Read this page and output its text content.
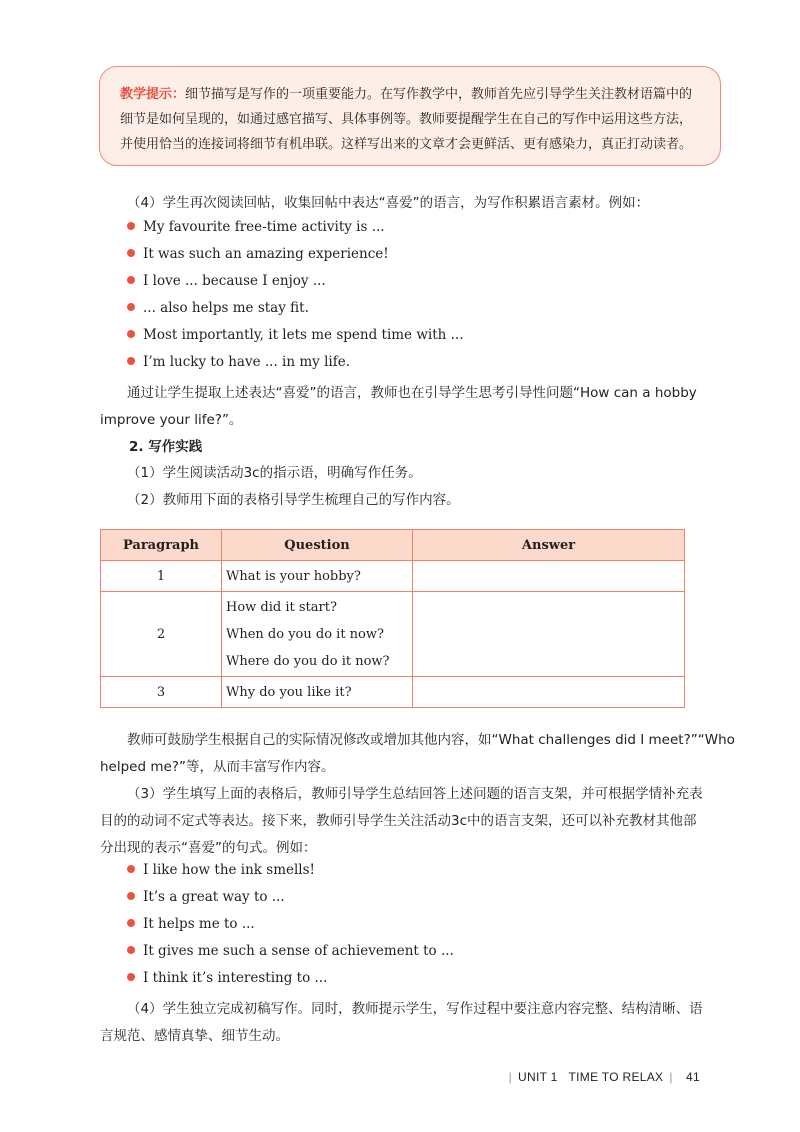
教学提示：细节描写是写作的一项重要能力。在写作教学中，教师首先应引导学生关注教材语篇中的
细节是如何呈现的，如通过感官描写、具体事例等。教师要提醒学生在自己的写作中运用这些方法，
并使用恰当的连接词将细节有机串联。这样写出来的文章才会更鲜活、更有感染力，真正打动读者。
（4）学生再次阅读回帖，收集回帖中表达“喜爱”的语言，为写作积累语言素材。例如：
My favourite free-time activity is ...
It was such an amazing experience!
I love ... because I enjoy ...
... also helps me stay fit.
Most importantly, it lets me spend time with ...
I’m lucky to have ... in my life.
通过让学生提取上述表达“喜爱”的语言，教师也在引导学生思考引导性问题“How can a hobby
improve your life?”。
2. 写作实践
（1）学生阅读活动3c的指示语，明确写作任务。
（2）教师用下面的表格引导学生梳理自己的写作内容。
Paragraph	Question	Answer
1	What is your hobby?	

2	How did it start?
When do you do it now?
Where do you do it now?	

3	Why do you like it?	

教师可鼓励学生根据自己的实际情况修改或增加其他内容，如“What challenges did I meet?”“Who
helped me?”等，从而丰富写作内容。
（3）学生填写上面的表格后，教师引导学生总结回答上述问题的语言支架，并可根据学情补充表
目的的动词不定式等表达。接下来，教师引导学生关注活动3c中的语言支架，还可以补充教材其他部
分出现的表示“喜爱”的句式。例如：
I like how the ink smells!
It’s a great way to ...
It helps me to ...
It gives me such a sense of achievement to ...
I think it’s interesting to ...
（4）学生独立完成初稿写作。同时，教师提示学生，写作过程中要注意内容完整、结构清晰、语
言规范、感情真挚、细节生动。
| UNIT 1 TIME TO RELAX | 41
